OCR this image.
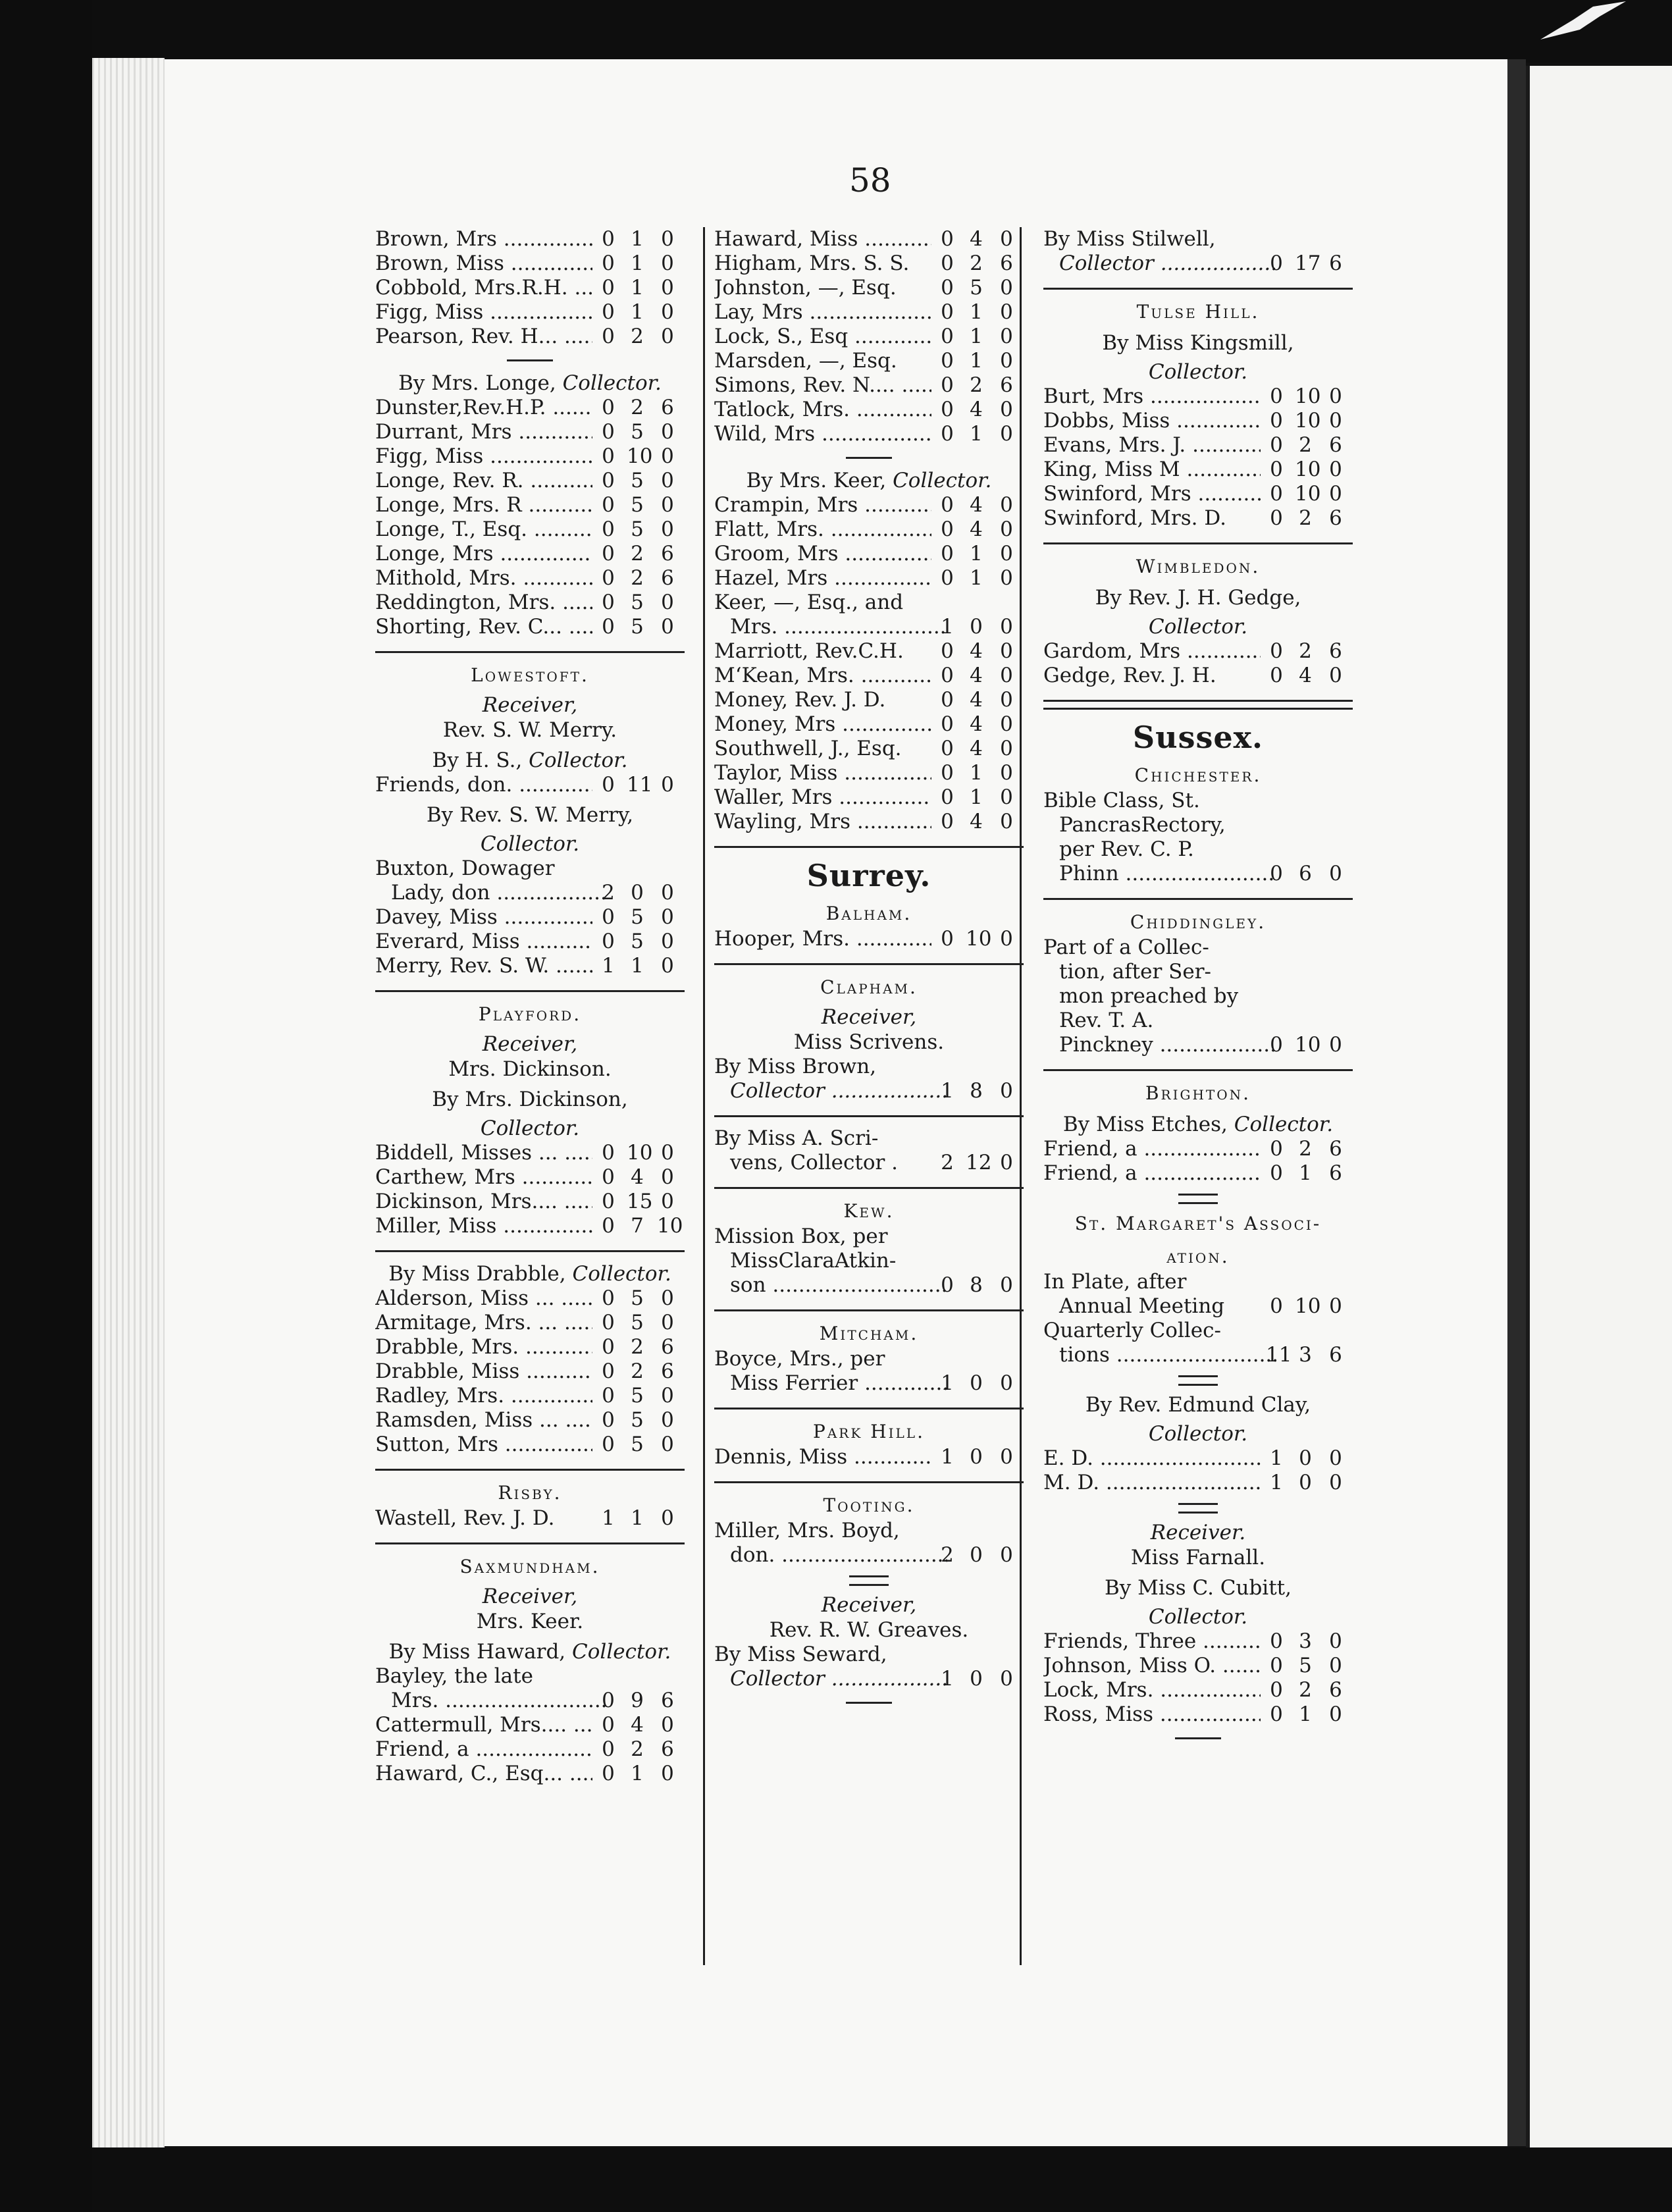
58
Brown, Mrs .....	0 1 0
Brown, Miss .....	0 1 0
Cobbold, Mrs.R.H. .....	0 1 0
Figg, Miss .....	0 1 0
Pearson, Rev. H... .....	0 2 0
By Mrs. Longe, Collector.
Dunster,Rev.H.P. .....	0 2 6
Durrant, Mrs .....	0 5 0
Figg, Miss .....	0 10 0
Longe, Rev. R. .....	0 5 0
Longe, Mrs. R .....	0 5 0
Longe, T., Esq. .....	0 5 0
Longe, Mrs .....	0 2 6
Mithold, Mrs. .....	0 2 6
Reddington, Mrs. .....	0 5 0
Shorting, Rev. C... .....	0 5 0
Lowestoft.
Receiver,
Rev. S. W. Merry.
By H. S., Collector.
Friends, don. .....	0 11 0
By Rev. S. W. Merry,
Collector.
Buxton, Dowager
Lady, don .....	2 0 0
Davey, Miss .....	0 5 0
Everard, Miss .....	0 5 0
Merry, Rev. S. W. .....	1 1 0
Playford.
Receiver,
Mrs. Dickinson.
By Mrs. Dickinson,
Collector.
Biddell, Misses ... .....	0 10 0
Carthew, Mrs .....	0 4 0
Dickinson, Mrs.... .....	0 15 0
Miller, Miss .....	0 7 10
By Miss Drabble, Collector.
Alderson, Miss ... .....	0 5 0
Armitage, Mrs. ... .....	0 5 0
Drabble, Mrs. .....	0 2 6
Drabble, Miss .....	0 2 6
Radley, Mrs. .....	0 5 0
Ramsden, Miss ... .....	0 5 0
Sutton, Mrs .....	0 5 0
Risby.
Wastell, Rev. J. D.	1 1 0
Saxmundham.
Receiver,
Mrs. Keer.
By Miss Haward, Collector.
Bayley, the late
Mrs. .....	0 9 6
Cattermull, Mrs.... .....	0 4 0
Friend, a .....	0 2 6
Haward, C., Esq... .....	0 1 0
Haward, Miss .....	0 4 0
Higham, Mrs. S. S.	0 2 6
Johnston, —, Esq.	0 5 0
Lay, Mrs .....	0 1 0
Lock, S., Esq .....	0 1 0
Marsden, —, Esq.	0 1 0
Simons, Rev. N.... .....	0 2 6
Tatlock, Mrs. .....	0 4 0
Wild, Mrs .....	0 1 0
By Mrs. Keer, Collector.
Crampin, Mrs .....	0 4 0
Flatt, Mrs. .....	0 4 0
Groom, Mrs .....	0 1 0
Hazel, Mrs .....	0 1 0
Keer, —, Esq., and
Mrs. .....	1 0 0
Marriott, Rev.C.H.	0 4 0
M‘Kean, Mrs. .....	0 4 0
Money, Rev. J. D.	0 4 0
Money, Mrs .....	0 4 0
Southwell, J., Esq.	0 4 0
Taylor, Miss .....	0 1 0
Waller, Mrs .....	0 1 0
Wayling, Mrs .....	0 4 0
Surrey.
Balham.
Hooper, Mrs. .....	0 10 0
Clapham.
Receiver,
Miss Scrivens.
By Miss Brown,
Collector .....	1 8 0
By Miss A. Scri-
vens, Collector .	2 12 0
Kew.
Mission Box, per
MissClaraAtkin-
son .....	0 8 0
Mitcham.
Boyce, Mrs., per
Miss Ferrier .....	1 0 0
Park Hill.
Dennis, Miss .....	1 0 0
Tooting.
Miller, Mrs. Boyd,
don. .....	2 0 0
Receiver,
Rev. R. W. Greaves.
By Miss Seward,
Collector .....	1 0 0
By Miss Stilwell,
Collector .....	0 17 6
Tulse Hill.
By Miss Kingsmill,
Collector.
Burt, Mrs .....	0 10 0
Dobbs, Miss .....	0 10 0
Evans, Mrs. J. .....	0 2 6
King, Miss M .....	0 10 0
Swinford, Mrs .....	0 10 0
Swinford, Mrs. D.	0 2 6
Wimbledon.
By Rev. J. H. Gedge,
Collector.
Gardom, Mrs .....	0 2 6
Gedge, Rev. J. H.	0 4 0
Sussex.
Chichester.
Bible Class, St.
PancrasRectory,
per Rev. C. P.
Phinn .....	0 6 0
Chiddingley.
Part of a Collec-
tion, after Ser-
mon preached by
Rev. T. A.
Pinckney .....	0 10 0
Brighton.
By Miss Etches, Collector.
Friend, a .....	0 2 6
Friend, a .....	0 1 6
St. Margaret's Associ-
ation.
In Plate, after
Annual Meeting	0 10 0
Quarterly Collec-
tions .....	11 3 6
By Rev. Edmund Clay,
Collector.
E. D. .....	1 0 0
M. D. .....	1 0 0
Receiver.
Miss Farnall.
By Miss C. Cubitt,
Collector.
Friends, Three .....	0 3 0
Johnson, Miss O. .....	0 5 0
Lock, Mrs. .....	0 2 6
Ross, Miss .....	0 1 0
